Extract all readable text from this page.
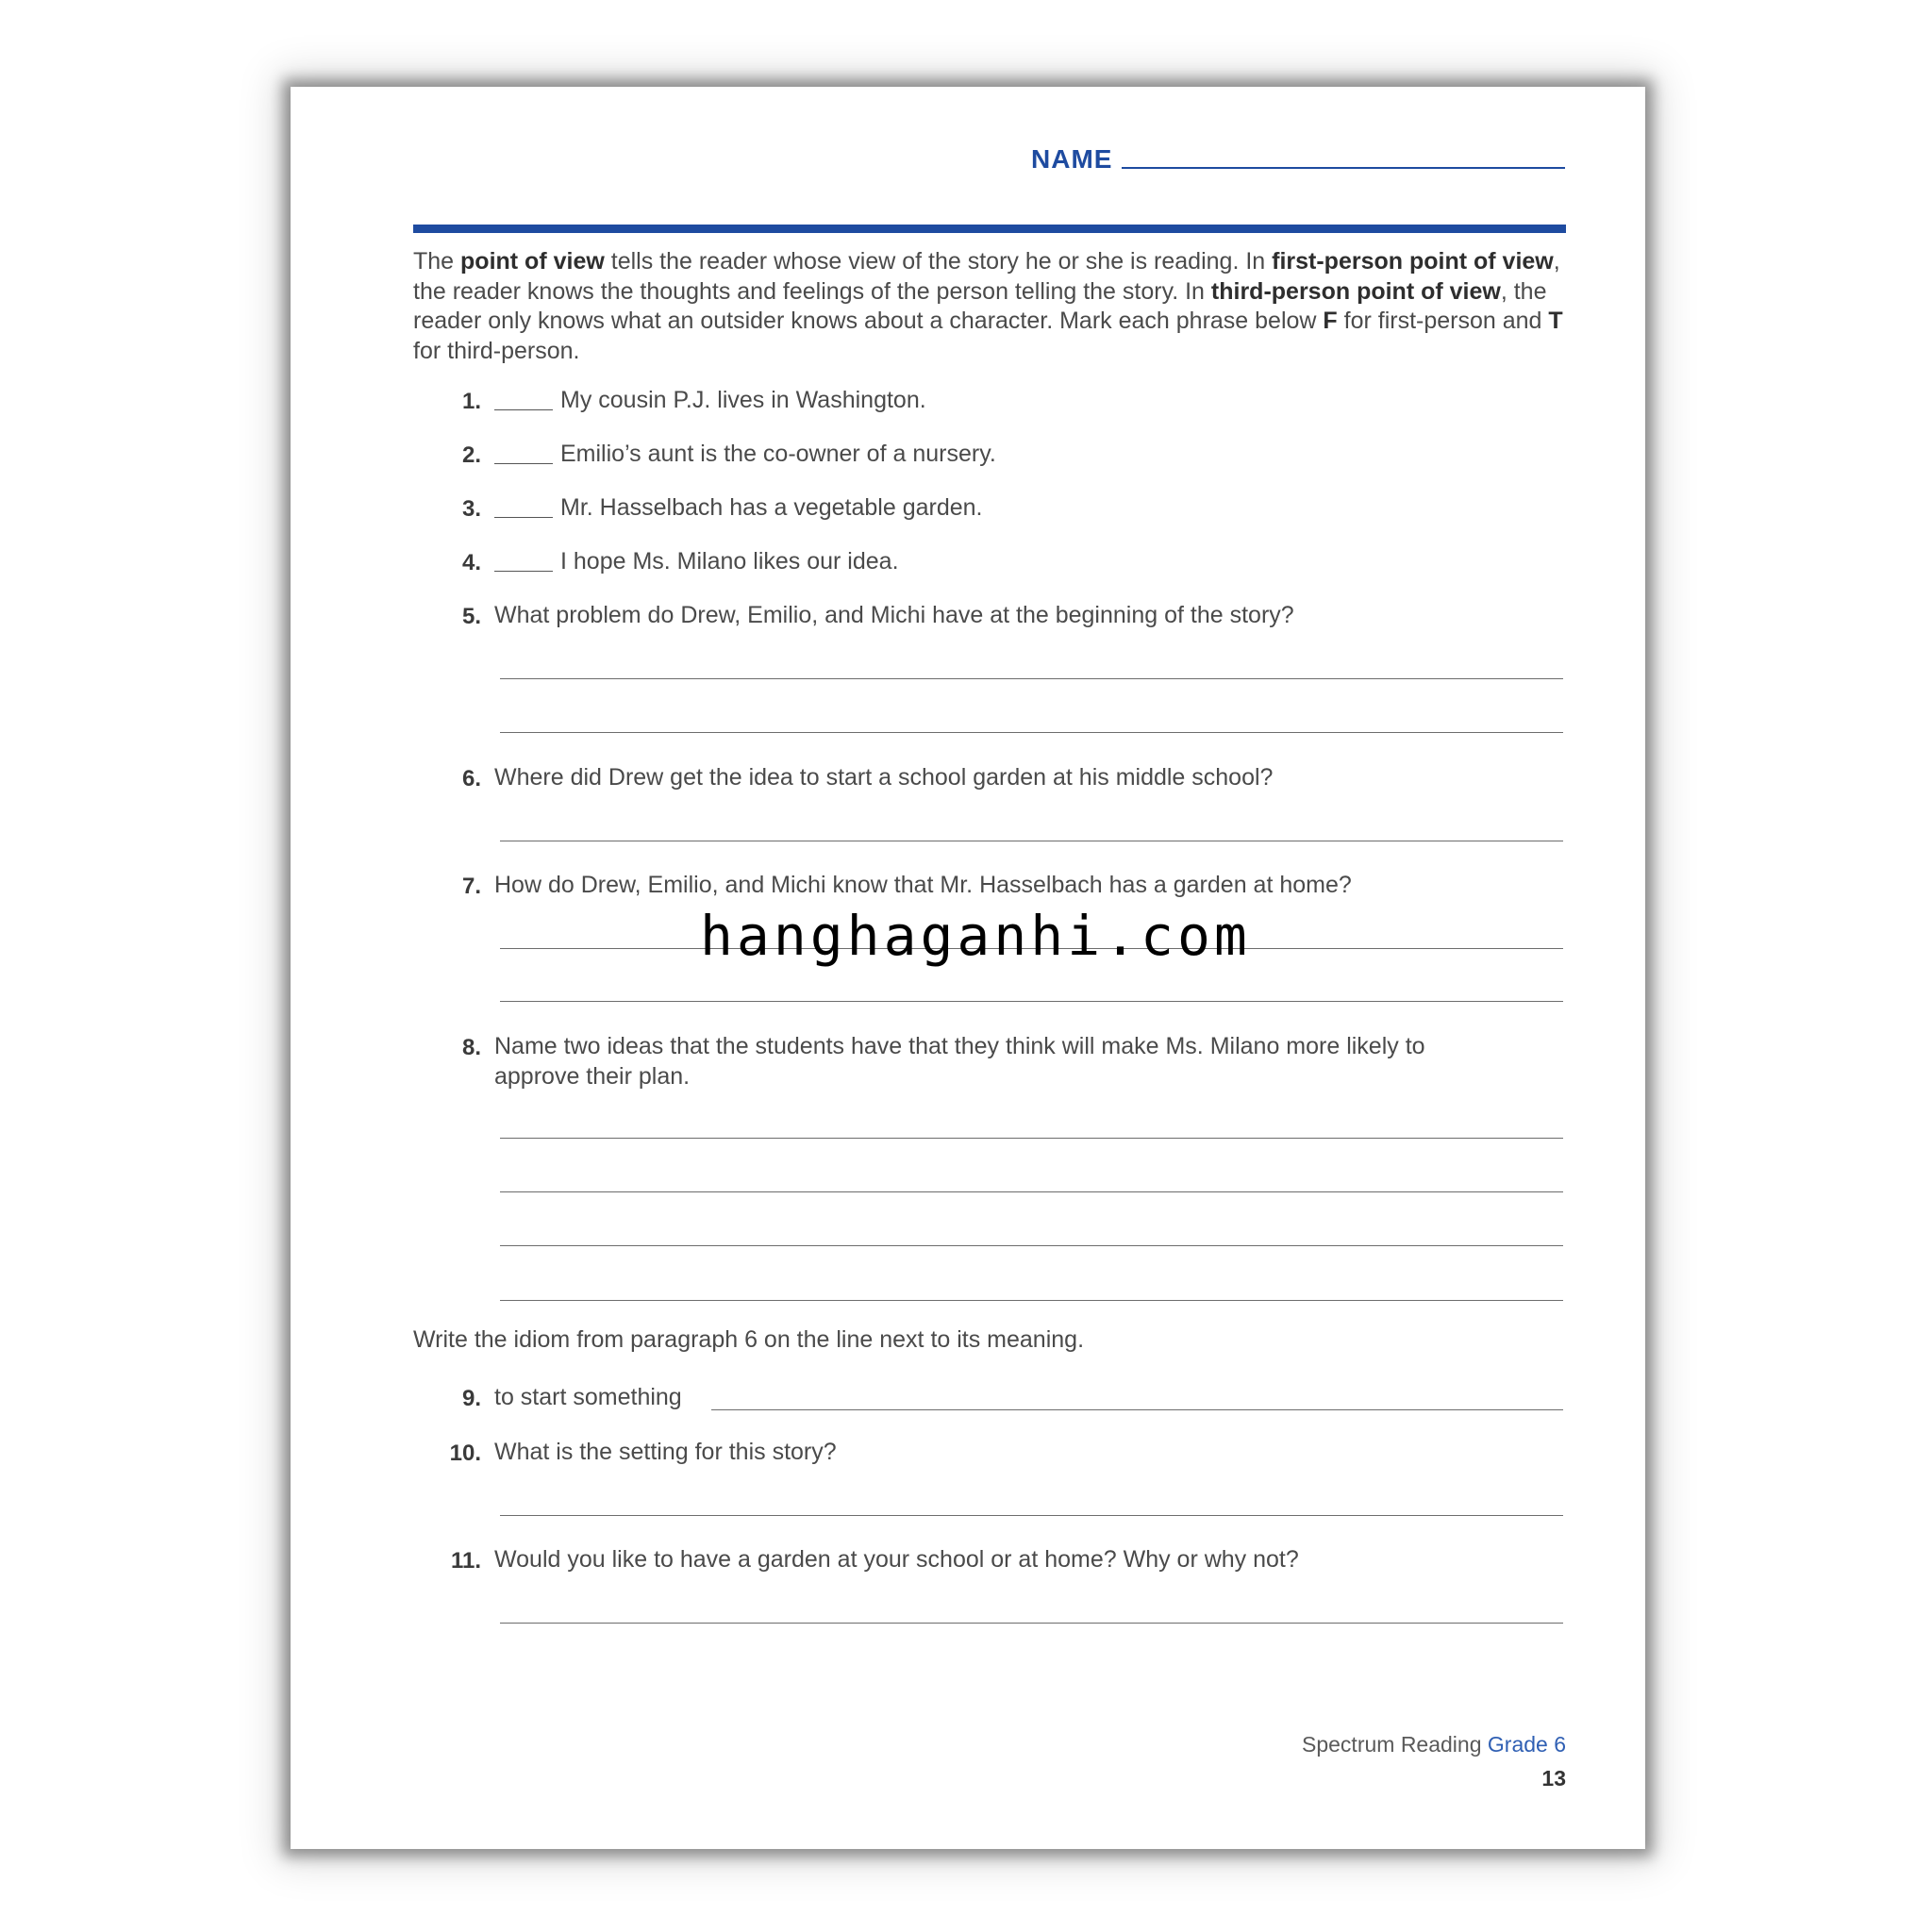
NAME
The point of view tells the reader whose view of the story he or she is reading. In first-person point of view, the reader knows the thoughts and feelings of the person telling the story. In third-person point of view, the reader only knows what an outsider knows about a character. Mark each phrase below F for first-person and T for third-person.
1.	My cousin P.J. lives in Washington.
2.	Emilio’s aunt is the co-owner of a nursery.
3.	Mr. Hasselbach has a vegetable garden.
4.	I hope Ms. Milano likes our idea.
5. What problem do Drew, Emilio, and Michi have at the beginning of the story?
6. Where did Drew get the idea to start a school garden at his middle school?
7. How do Drew, Emilio, and Michi know that Mr. Hasselbach has a garden at home?
8. Name two ideas that the students have that they think will make Ms. Milano more likely to
approve their plan.
Write the idiom from paragraph 6 on the line next to its meaning.
9. to start something
10. What is the setting for this story?
11. Would you like to have a garden at your school or at home? Why or why not?
Spectrum Reading Grade 6
13
hanghaganhi.com
